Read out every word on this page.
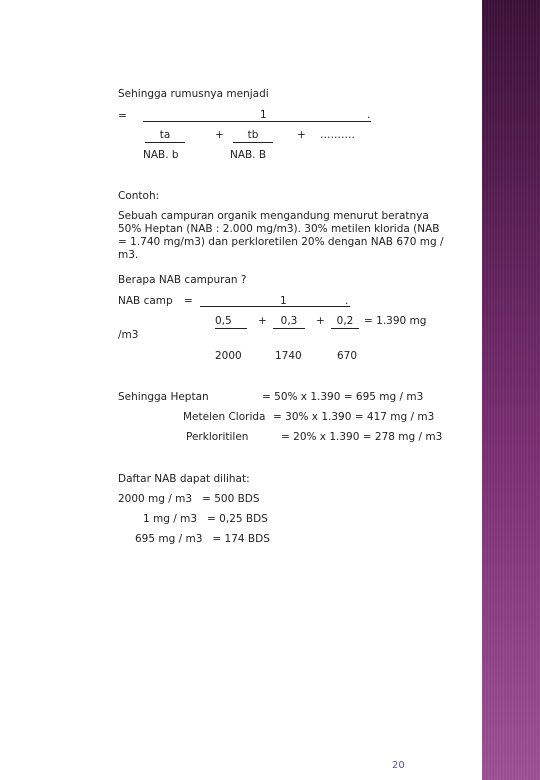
Sehingga rumusnya menjadi
=	1	.
ta	+	tb	+ ……….
NAB. b	NAB. B
Contoh:
Sebuah campuran organik mengandung menurut beratnya 50% Heptan (NAB : 2.000 mg/m3). 30% metilen klorida (NAB = 1.740 mg/m3) dan perkloretilen 20% dengan NAB 670 mg / m3.
Berapa NAB campuran ?
NAB camp =	1	.
0,5	+	0,3	+	0,2	= 1.390 mg
/m3
2000	1740	670
Sehingga Heptan	= 50% x 1.390 = 695 mg / m3
Metelen Clorida = 30% x 1.390 = 417 mg / m3
Perkloritilen	= 20% x 1.390 = 278 mg / m3
Daftar NAB dapat dilihat:
2000 mg / m3   = 500 BDS
1 mg / m3   = 0,25 BDS
695 mg / m3   = 174 BDS
20
